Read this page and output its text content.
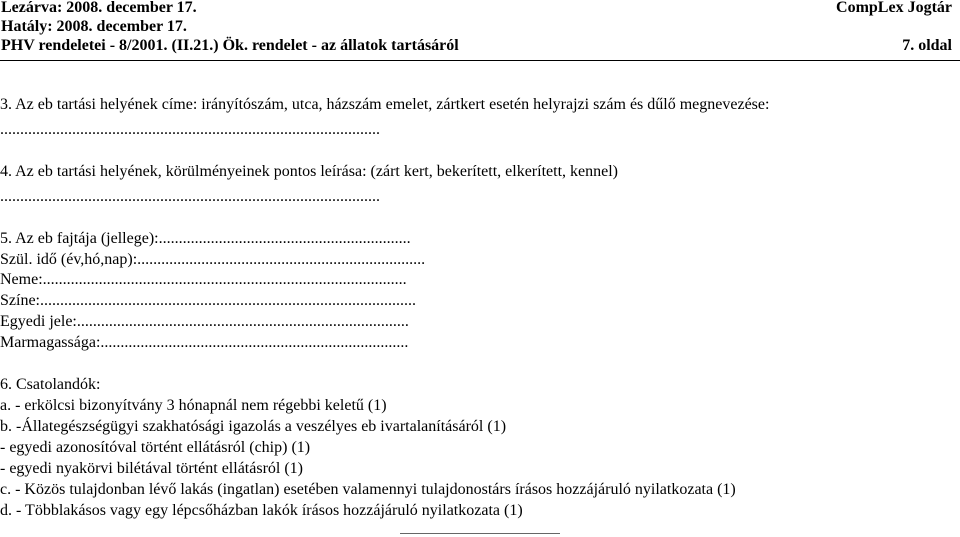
Lezárva: 2008. december 17.
Hatály: 2008. december 17.
PHV rendeletei - 8/2001. (II.21.) Ök. rendelet - az állatok tartásáról
CompLex Jogtár
7. oldal
3. Az eb tartási helyének címe: irányítószám, utca, házszám emelet, zártkert esetén helyrajzi szám és dűlő megnevezése:
...............................................................................................
4. Az eb tartási helyének, körülményeinek pontos leírása: (zárt kert, bekerített, elkerített, kennel)
...............................................................................................
5. Az eb fajtája (jellege):...............................................................
Szül. idő (év,hó,nap):........................................................................
Neme:...........................................................................................
Színe:..............................................................................................
Egyedi jele:...................................................................................
Marmagassága:.............................................................................
6. Csatolandók:
a. - erkölcsi bizonyítvány 3 hónapnál nem régebbi keletű (1)
b. -Állategészségügyi szakhatósági igazolás a veszélyes eb ivartalanításáról (1)
- egyedi azonosítóval történt ellátásról (chip) (1)
- egyedi nyakörvi bilétával történt ellátásról (1)
c. - Közös tulajdonban lévő lakás (ingatlan) esetében valamennyi tulajdonostárs írásos hozzájáruló nyilatkozata (1)
d. - Többlakásos vagy egy lépcsőházban lakók írásos hozzájáruló nyilatkozata (1)
